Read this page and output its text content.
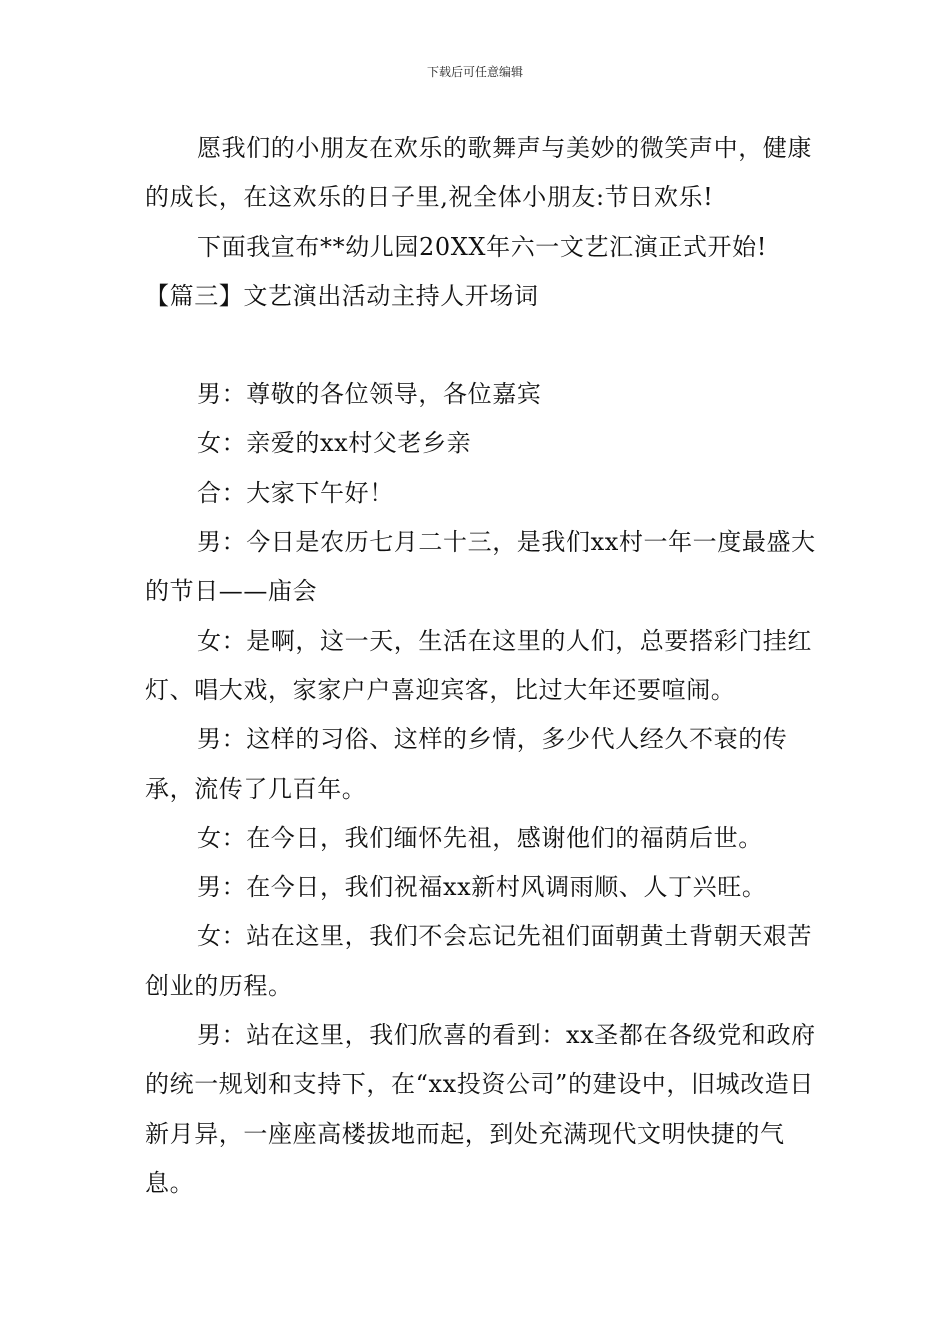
下载后可任意编辑

愿我们的小朋友在欢乐的歌舞声与美妙的微笑声中，健康的成长，在这欢乐的日子里,祝全体小朋友:节日欢乐!

下面我宣布**幼儿园20XX年六一文艺汇演正式开始!

【篇三】文艺演出活动主持人开场词

男：尊敬的各位领导，各位嘉宾

女：亲爱的xx村父老乡亲

合：大家下午好！

男：今日是农历七月二十三，是我们xx村一年一度最盛大的节日——庙会

女：是啊，这一天，生活在这里的人们，总要搭彩门挂红灯、唱大戏，家家户户喜迎宾客，比过大年还要喧闹。

男：这样的习俗、这样的乡情，多少代人经久不衰的传承，流传了几百年。

女：在今日，我们缅怀先祖，感谢他们的福荫后世。

男：在今日，我们祝福xx新村风调雨顺、人丁兴旺。

女：站在这里，我们不会忘记先祖们面朝黄土背朝天艰苦创业的历程。

男：站在这里，我们欣喜的看到：xx圣都在各级党和政府的统一规划和支持下，在“xx投资公司”的建设中，旧城改造日新月异，一座座高楼拔地而起，到处充满现代文明快捷的气息。
